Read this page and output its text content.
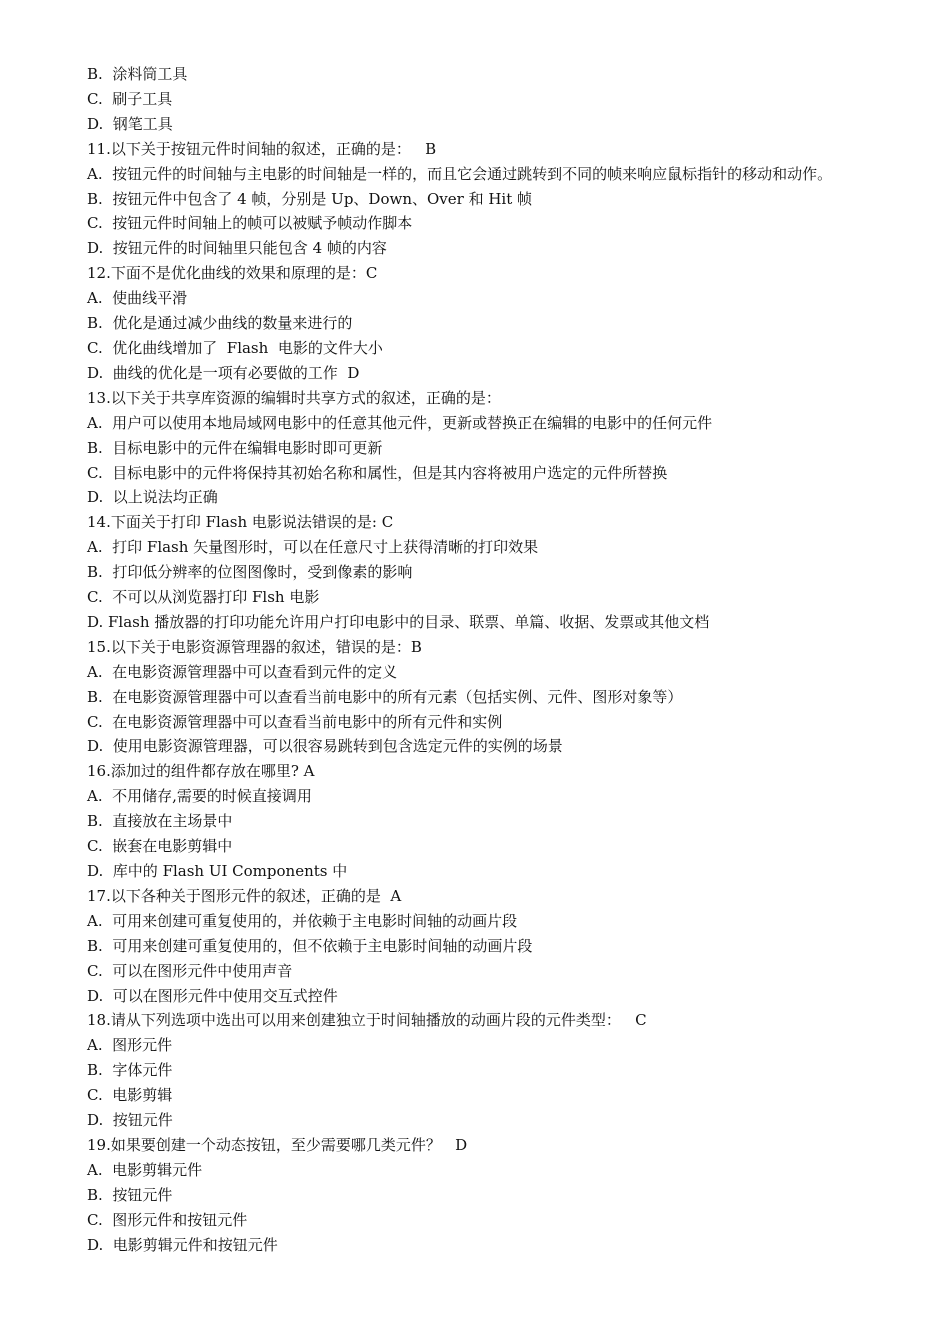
B.  涂料筒工具

C.  刷子工具

D.  钢笔工具

11.以下关于按钮元件时间轴的叙述，正确的是：   B

A.  按钮元件的时间轴与主电影的时间轴是一样的，而且它会通过跳转到不同的帧来响应鼠标指针的移动和动作。

B.  按钮元件中包含了 4 帧，分别是 Up、Down、Over 和 Hit 帧

C.  按钮元件时间轴上的帧可以被赋予帧动作脚本

D.  按钮元件的时间轴里只能包含 4 帧的内容

12.下面不是优化曲线的效果和原理的是：C

A.  使曲线平滑

B.  优化是通过减少曲线的数量来进行的

C.  优化曲线增加了  Flash  电影的文件大小

D.  曲线的优化是一项有必要做的工作  D

13.以下关于共享库资源的编辑时共享方式的叙述，正确的是：

A.  用户可以使用本地局域网电影中的任意其他元件，更新或替换正在编辑的电影中的任何元件

B.  目标电影中的元件在编辑电影时即可更新

C.  目标电影中的元件将保持其初始名称和属性，但是其内容将被用户选定的元件所替换

D.  以上说法均正确

14.下面关于打印 Flash 电影说法错误的是: C

A.  打印 Flash 矢量图形时，可以在任意尺寸上获得清晰的打印效果

B.  打印低分辨率的位图图像时，受到像素的影响

C.  不可以从浏览器打印 Flsh 电影

D. Flash 播放器的打印功能允许用户打印电影中的目录、联票、单篇、收据、发票或其他文档

15.以下关于电影资源管理器的叙述，错误的是：B

A.  在电影资源管理器中可以查看到元件的定义

B.  在电影资源管理器中可以查看当前电影中的所有元素（包括实例、元件、图形对象等）

C.  在电影资源管理器中可以查看当前电影中的所有元件和实例

D.  使用电影资源管理器，可以很容易跳转到包含选定元件的实例的场景

16.添加过的组件都存放在哪里? A

A.  不用储存,需要的时候直接调用

B.  直接放在主场景中

C.  嵌套在电影剪辑中

D.  库中的 Flash UI Components 中

17.以下各种关于图形元件的叙述，正确的是  A

A.  可用来创建可重复使用的，并依赖于主电影时间轴的动画片段

B.  可用来创建可重复使用的，但不依赖于主电影时间轴的动画片段

C.  可以在图形元件中使用声音

D.  可以在图形元件中使用交互式控件

18.请从下列选项中选出可以用来创建独立于时间轴播放的动画片段的元件类型：   C

A.  图形元件

B.  字体元件

C.  电影剪辑

D.  按钮元件

19.如果要创建一个动态按钮，至少需要哪几类元件？   D

A.  电影剪辑元件

B.  按钮元件

C.  图形元件和按钮元件

D.  电影剪辑元件和按钮元件
